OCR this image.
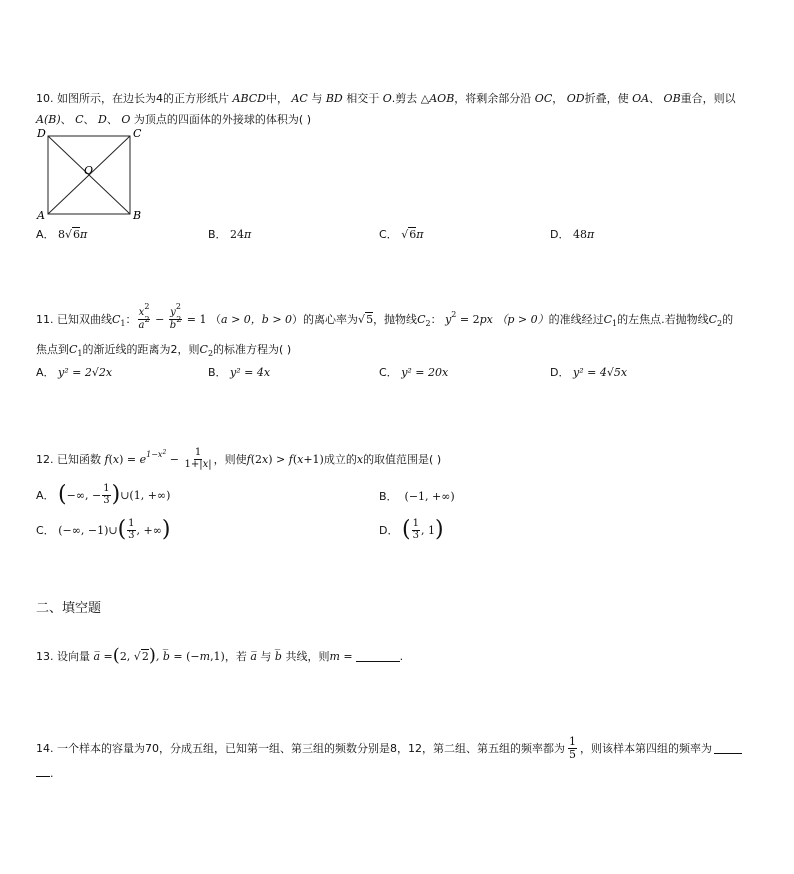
10. 如图所示，在边长为4的正方形纸片 ABCD中， AC 与 BD 相交于 O.剪去 △AOB，将剩余部分沿 OC， OD折叠，使 OA、 OB重合，则以
A(B)、 C、 D、 O 为顶点的四面体的外接球的体积为( )
D	C
O
A	B
A． 8√6π	B． 24π	C． √6π	D． 48π
11.
已知双曲线 $C_1$ ： $\frac{x^2}{a^2} - \frac{y^2}{b^2} = 1$ （ a > 0，b > 0 ）的离心率为 √ 5 ，抛物线 $C_2$ ： $y^2 = 2px$ （p > 0） 的准线经过 $C_1$ 的左焦点.若抛物线 $C_2$ 的
焦点到$C_1$的渐近线的距离为2，则$C_2$的标准方程为( )
A． y² = 2√2x	B． y² = 4x	C． y² = 20x	D． y² = 4√5x
12.
已知函数 $f(x) = e^{1-x^2}$
− $\frac{1}{1+|x|}$ ，则使 f(2x) > f(x+1) 成立的 x 的取值范围是( )
A．
( −∞, − $\frac{1}{3}$ ) ∪(1, +∞)	B． (−1, +∞)
C．
(−∞, −1)∪ ( $\frac{1}{3}$ , +∞ )	D．
( $\frac{1}{3}$ , 1 )
二、填空题
13.
设向量 a̅ = ( 2, √2 ) , b̅ = (−m,1) ，若 a̅ 与 b̅ 共线，则 m =	.
14.
一个样本的容量为70，分成五组，已知第一组、第三组的频数分别是8，12，第二组、第五组的频率都为 $\frac{1}{5}$ ，则该样本第四组的频率为
.
